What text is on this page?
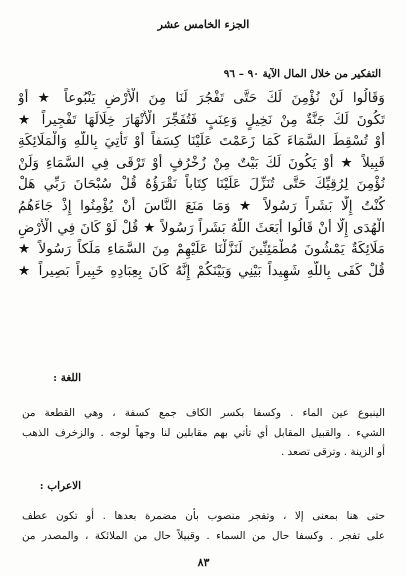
الجزء الخامس عشر
التفكير من خلال المال الآية ٩٠ – ٩٦
وَقَالُوا لَنْ نُؤْمِنَ لَكَ حَتَّى تَفْجُرَ لَنَا مِنَ الْأَرْضِ يَنْبُوعاً ★ أَوْ
تَكُونَ لَكَ جَنَّةٌ مِنْ نَخِيلٍ وَعِنَبٍ فَتُفَجِّرَ الْأَنْهَارَ خِلَالَهَا تَفْجِيراً ★
أَوْ تُسْقِطَ السَّمَاءَ كَمَا زَعَمْتَ عَلَيْنَا كِسَفاً أَوْ تَأْتِيَ بِاللَّهِ وَالْمَلَائِكَةِ
قَبِيلاً ★ أَوْ يَكُونَ لَكَ بَيْتٌ مِنْ زُخْرُفٍ أَوْ تَرْقَى فِي السَّمَاءِ وَلَنْ
نُؤْمِنَ لِرُقِيِّكَ حَتَّى تُنَزِّلَ عَلَيْنَا كِتَاباً نَقْرَؤُهُ قُلْ سُبْحَانَ رَبِّي هَلْ
كُنْتُ إِلَّا بَشَراً رَسُولاً ★ وَمَا مَنَعَ النَّاسَ أَنْ يُؤْمِنُوا إِذْ جَاءَهُمُ
الْهُدَى إِلَّا أَنْ قَالُوا أَبَعَثَ اللَّهُ بَشَراً رَسُولاً ★ قُلْ لَوْ كَانَ فِي الْأَرْضِ
مَلَائِكَةٌ يَمْشُونَ مُطْمَئِنِّينَ لَنَزَّلْنَا عَلَيْهِمْ مِنَ السَّمَاءِ مَلَكاً رَسُولاً ★
قُلْ كَفَى بِاللَّهِ شَهِيداً بَيْنِي وَبَيْنَكُمْ إِنَّهُ كَانَ بِعِبَادِهِ خَبِيراً بَصِيراً ★
اللغة :
الينبوع عين الماء . وكسفا بكسر الكاف جمع كسفة ، وهي القطعة من
الشيء . والقبيل المقابل أي تأتي بهم مقابلين لنا وجهاً لوجه . والزخرف الذهب
أو الزينة . وترقى تصعد .
الاعراب :
حتى هنا بمعنى إلا ، وتفجر منصوب بأن مضمرة بعدها . أو تكون عطف
على تفجر . وكسفا حال من السماء . وقبيلاً حال من الملائكة ، والمصدر من
٨٣
